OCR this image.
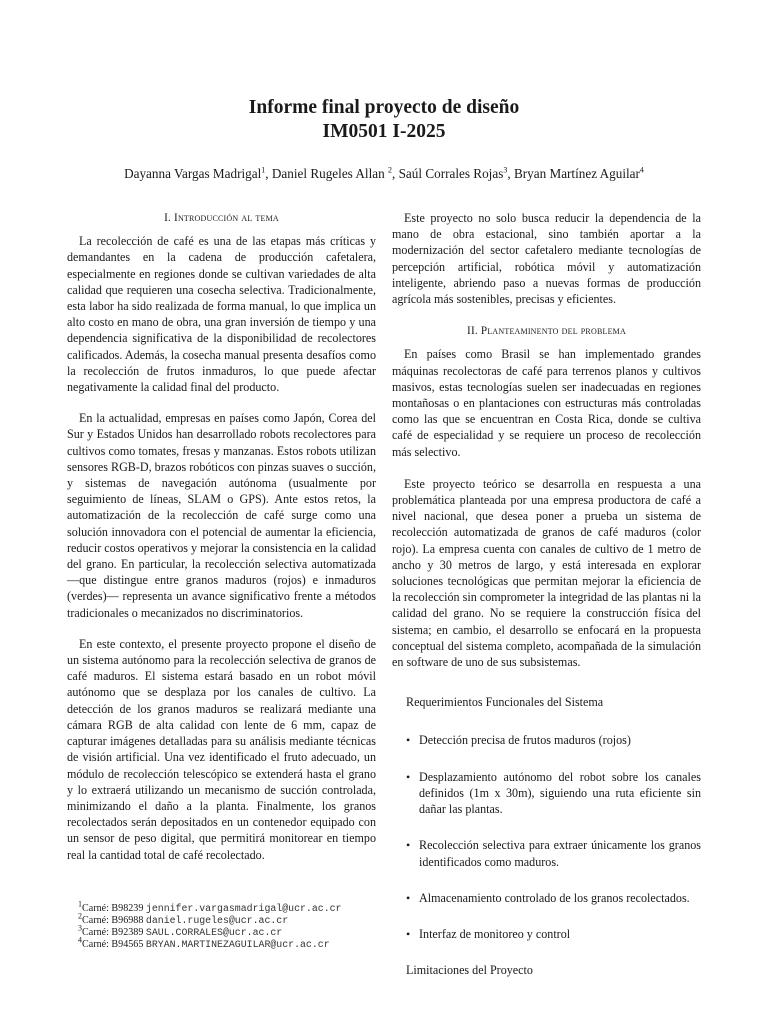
Informe final proyecto de diseño
IM0501 I-2025
Dayanna Vargas Madrigal$^1$, Daniel Rugeles Allan $^2$, Saúl Corrales Rojas$^3$, Bryan Martínez Aguilar$^4$
I. Introducción al tema

La recolección de café es una de las etapas más críticas y demandantes en la cadena de producción cafetalera, especialmente en regiones donde se cultivan variedades de alta calidad que requieren una cosecha selectiva. Tradicionalmente, esta labor ha sido realizada de forma manual, lo que implica un alto costo en mano de obra, una gran inversión de tiempo y una dependencia significativa de la disponibilidad de recolectores calificados. Además, la cosecha manual presenta desafíos como la recolección de frutos inmaduros, lo que puede afectar negativamente la calidad final del producto.

En la actualidad, empresas en países como Japón, Corea del Sur y Estados Unidos han desarrollado robots recolectores para cultivos como tomates, fresas y manzanas. Estos robots utilizan sensores RGB-D, brazos robóticos con pinzas suaves o succión, y sistemas de navegación autónoma (usualmente por seguimiento de líneas, SLAM o GPS). Ante estos retos, la automatización de la recolección de café surge como una solución innovadora con el potencial de aumentar la eficiencia, reducir costos operativos y mejorar la consistencia en la calidad del grano. En particular, la recolección selectiva automatizada —que distingue entre granos maduros (rojos) e inmaduros (verdes)— representa un avance significativo frente a métodos tradicionales o mecanizados no discriminatorios.

En este contexto, el presente proyecto propone el diseño de un sistema autónomo para la recolección selectiva de granos de café maduros. El sistema estará basado en un robot móvil autónomo que se desplaza por los canales de cultivo. La detección de los granos maduros se realizará mediante una cámara RGB de alta calidad con lente de 6 mm, capaz de capturar imágenes detalladas para su análisis mediante técnicas de visión artificial. Una vez identificado el fruto adecuado, un módulo de recolección telescópico se extenderá hasta el grano y lo extraerá utilizando un mecanismo de succión controlada, minimizando el daño a la planta. Finalmente, los granos recolectados serán depositados en un contenedor equipado con un sensor de peso digital, que permitirá monitorear en tiempo real la cantidad total de café recolectado.

Este proyecto no solo busca reducir la dependencia de la mano de obra estacional, sino también aportar a la modernización del sector cafetalero mediante tecnologías de percepción artificial, robótica móvil y automatización inteligente, abriendo paso a nuevas formas de producción agrícola más sostenibles, precisas y eficientes.

II. Planteaminento del problema

En países como Brasil se han implementado grandes máquinas recolectoras de café para terrenos planos y cultivos masivos, estas tecnologías suelen ser inadecuadas en regiones montañosas o en plantaciones con estructuras más controladas como las que se encuentran en Costa Rica, donde se cultiva café de especialidad y se requiere un proceso de recolección más selectivo.

Este proyecto teórico se desarrolla en respuesta a una problemática planteada por una empresa productora de café a nivel nacional, que desea poner a prueba un sistema de recolección automatizada de granos de café maduros (color rojo). La empresa cuenta con canales de cultivo de 1 metro de ancho y 30 metros de largo, y está interesada en explorar soluciones tecnológicas que permitan mejorar la eficiencia de la recolección sin comprometer la integridad de las plantas ni la calidad del grano. No se requiere la construcción física del sistema; en cambio, el desarrollo se enfocará en la propuesta conceptual del sistema completo, acompañada de la simulación en software de uno de sus subsistemas.

Requerimientos Funcionales del Sistema
• Detección precisa de frutos maduros (rojos)
• Desplazamiento autónomo del robot sobre los canales definidos (1m x 30m), siguiendo una ruta eficiente sin dañar las plantas.
• Recolección selectiva para extraer únicamente los granos identificados como maduros.
• Almacenamiento controlado de los granos recolectados.
• Interfaz de monitoreo y control
Limitaciones del Proyecto
$^1$Carné: B98239 jennifer.vargasmadrigal@ucr.ac.cr
$^2$Carné: B96988 daniel.rugeles@ucr.ac.cr
$^3$Carné: B92389 SAUL.CORRALES@ucr.ac.cr
$^4$Carné: B94565 BRYAN.MARTINEZAGUILAR@ucr.ac.cr
